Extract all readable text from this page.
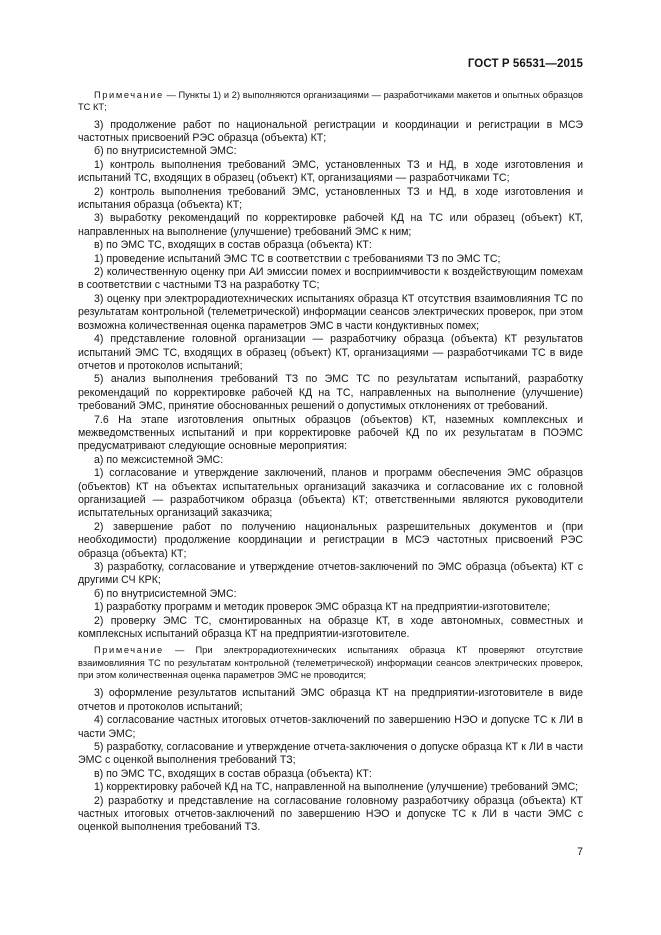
ГОСТ Р 56531—2015

Примечание — Пункты 1) и 2) выполняются организациями — разработчиками макетов и опытных образцов ТС КТ;

3) продолжение работ по национальной регистрации и координации и регистрации в МСЭ частотных присвоений РЭС образца (объекта) КТ;

б) по внутрисистемной ЭМС:

1) контроль выполнения требований ЭМС, установленных ТЗ и НД, в ходе изготовления и испытаний ТС, входящих в образец (объект) КТ, организациями — разработчиками ТС;

2) контроль выполнения требований ЭМС, установленных ТЗ и НД, в ходе изготовления и испытания образца (объекта) КТ;

3) выработку рекомендаций по корректировке рабочей КД на ТС или образец (объект) КТ, направленных на выполнение (улучшение) требований ЭМС к ним;

в) по ЭМС ТС, входящих в состав образца (объекта) КТ:

1) проведение испытаний ЭМС ТС в соответствии с требованиями ТЗ по ЭМС ТС;

2) количественную оценку при АИ эмиссии помех и восприимчивости к воздействующим помехам в соответствии с частными ТЗ на разработку ТС;

3) оценку при электрорадиотехнических испытаниях образца КТ отсутствия взаимовлияния ТС по результатам контрольной (телеметрической) информации сеансов электрических проверок, при этом возможна количественная оценка параметров ЭМС в части кондуктивных помех;

4) представление головной организации — разработчику образца (объекта) КТ результатов испытаний ЭМС ТС, входящих в образец (объект) КТ, организациями — разработчиками ТС в виде отчетов и протоколов испытаний;

5) анализ выполнения требований ТЗ по ЭМС ТС по результатам испытаний, разработку рекомендаций по корректировке рабочей КД на ТС, направленных на выполнение (улучшение) требований ЭМС, принятие обоснованных решений о допустимых отклонениях от требований.

7.6 На этапе изготовления опытных образцов (объектов) КТ, наземных комплексных и межведомственных испытаний и при корректировке рабочей КД по их результатам в ПОЭМС предусматривают следующие основные мероприятия:

а) по межсистемной ЭМС:

1) согласование и утверждение заключений, планов и программ обеспечения ЭМС образцов (объектов) КТ на объектах испытательных организаций заказчика и согласование их с головной организацией — разработчиком образца (объекта) КТ; ответственными являются руководители испытательных организаций заказчика;

2) завершение работ по получению национальных разрешительных документов и (при необходимости) продолжение координации и регистрации в МСЭ частотных присвоений РЭС образца (объекта) КТ;

3) разработку, согласование и утверждение отчетов-заключений по ЭМС образца (объекта) КТ с другими СЧ КРК;

б) по внутрисистемной ЭМС:

1) разработку программ и методик проверок ЭМС образца КТ на предприятии-изготовителе;

2) проверку ЭМС ТС, смонтированных на образце КТ, в ходе автономных, совместных и комплексных испытаний образца КТ на предприятии-изготовителе.

Примечание — При электрорадиотехнических испытаниях образца КТ проверяют отсутствие взаимовлияния ТС по результатам контрольной (телеметрической) информации сеансов электрических проверок, при этом количественная оценка параметров ЭМС не проводится;

3) оформление результатов испытаний ЭМС образца КТ на предприятии-изготовителе в виде отчетов и протоколов испытаний;

4) согласование частных итоговых отчетов-заключений по завершению НЭО и допуске ТС к ЛИ в части ЭМС;

5) разработку, согласование и утверждение отчета-заключения о допуске образца КТ к ЛИ в части ЭМС с оценкой выполнения требований ТЗ;

в) по ЭМС ТС, входящих в состав образца (объекта) КТ:

1) корректировку рабочей КД на ТС, направленной на выполнение (улучшение) требований ЭМС;

2) разработку и представление на согласование головному разработчику образца (объекта) КТ частных итоговых отчетов-заключений по завершению НЭО и допуске ТС к ЛИ в части ЭМС с оценкой выполнения требований ТЗ.

7
